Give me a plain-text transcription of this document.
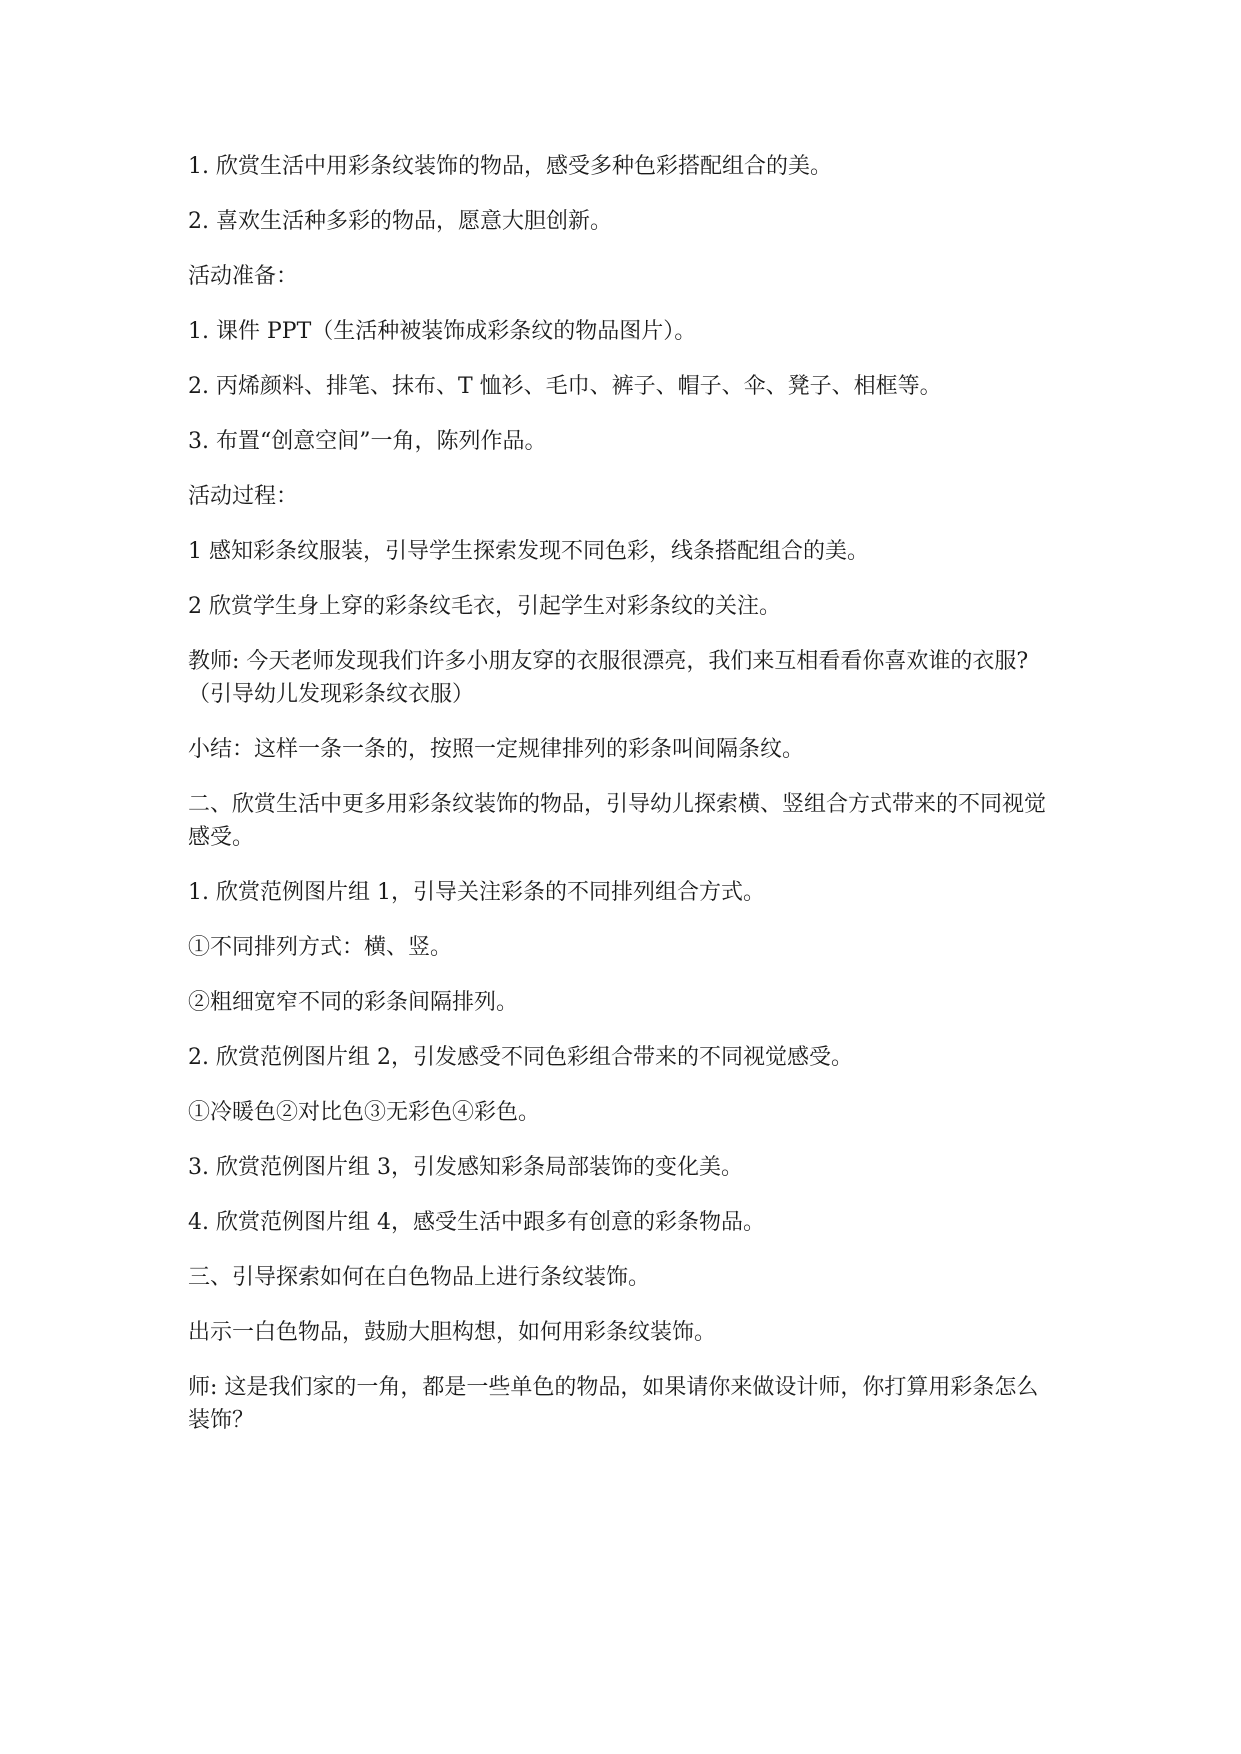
1. 欣赏生活中用彩条纹装饰的物品，感受多种色彩搭配组合的美。

2. 喜欢生活种多彩的物品，愿意大胆创新。

活动准备：

1. 课件 PPT（生活种被装饰成彩条纹的物品图片）。

2. 丙烯颜料、排笔、抹布、T 恤衫、毛巾、裤子、帽子、伞、凳子、相框等。

3. 布置“创意空间”一角，陈列作品。

活动过程：

1 感知彩条纹服装，引导学生探索发现不同色彩，线条搭配组合的美。

2 欣赏学生身上穿的彩条纹毛衣，引起学生对彩条纹的关注。

教师: 今天老师发现我们许多小朋友穿的衣服很漂亮，我们来互相看看你喜欢谁的衣服?（引导幼儿发现彩条纹衣服）

小结：这样一条一条的，按照一定规律排列的彩条叫间隔条纹。

二、欣赏生活中更多用彩条纹装饰的物品，引导幼儿探索横、竖组合方式带来的不同视觉感受。

1. 欣赏范例图片组 1，引导关注彩条的不同排列组合方式。

①不同排列方式：横、竖。

②粗细宽窄不同的彩条间隔排列。

2. 欣赏范例图片组 2，引发感受不同色彩组合带来的不同视觉感受。

①冷暖色②对比色③无彩色④彩色。

3. 欣赏范例图片组 3，引发感知彩条局部装饰的变化美。

4. 欣赏范例图片组 4，感受生活中跟多有创意的彩条物品。

三、引导探索如何在白色物品上进行条纹装饰。

出示一白色物品，鼓励大胆构想，如何用彩条纹装饰。

师: 这是我们家的一角，都是一些单色的物品，如果请你来做设计师，你打算用彩条怎么装饰？
